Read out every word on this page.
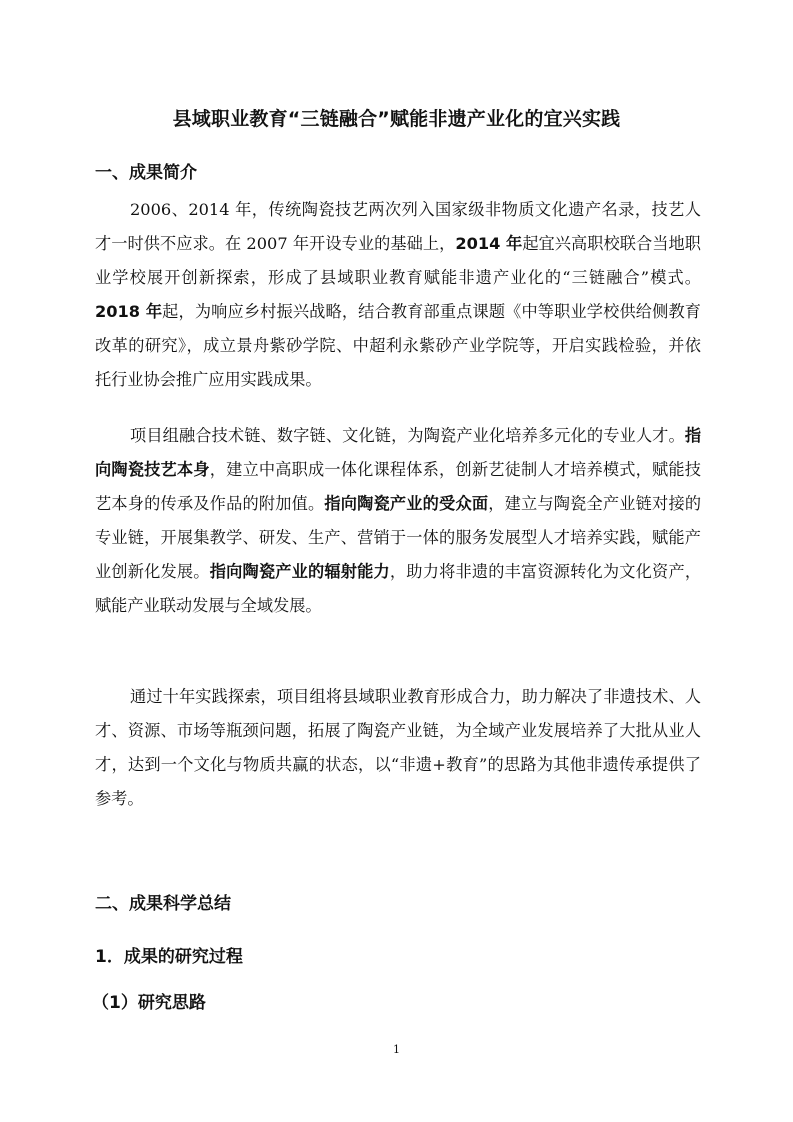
县域职业教育“三链融合”赋能非遗产业化的宜兴实践
一、成果简介
2006、2014 年，传统陶瓷技艺两次列入国家级非物质文化遗产名录，技艺人才一时供不应求。在 2007 年开设专业的基础上，2014 年起宜兴高职校联合当地职业学校展开创新探索，形成了县域职业教育赋能非遗产业化的“三链融合”模式。2018 年起，为响应乡村振兴战略，结合教育部重点课题《中等职业学校供给侧教育改革的研究》，成立景舟紫砂学院、中超利永紫砂产业学院等，开启实践检验，并依托行业协会推广应用实践成果。
项目组融合技术链、数字链、文化链，为陶瓷产业化培养多元化的专业人才。指向陶瓷技艺本身，建立中高职成一体化课程体系，创新艺徒制人才培养模式，赋能技艺本身的传承及作品的附加值。指向陶瓷产业的受众面，建立与陶瓷全产业链对接的专业链，开展集教学、研发、生产、营销于一体的服务发展型人才培养实践，赋能产业创新化发展。指向陶瓷产业的辐射能力，助力将非遗的丰富资源转化为文化资产，赋能产业联动发展与全域发展。
通过十年实践探索，项目组将县域职业教育形成合力，助力解决了非遗技术、人才、资源、市场等瓶颈问题，拓展了陶瓷产业链，为全域产业发展培养了大批从业人才，达到一个文化与物质共赢的状态，以“非遗+教育”的思路为其他非遗传承提供了参考。
二、成果科学总结
1．成果的研究过程
（1）研究思路
1
